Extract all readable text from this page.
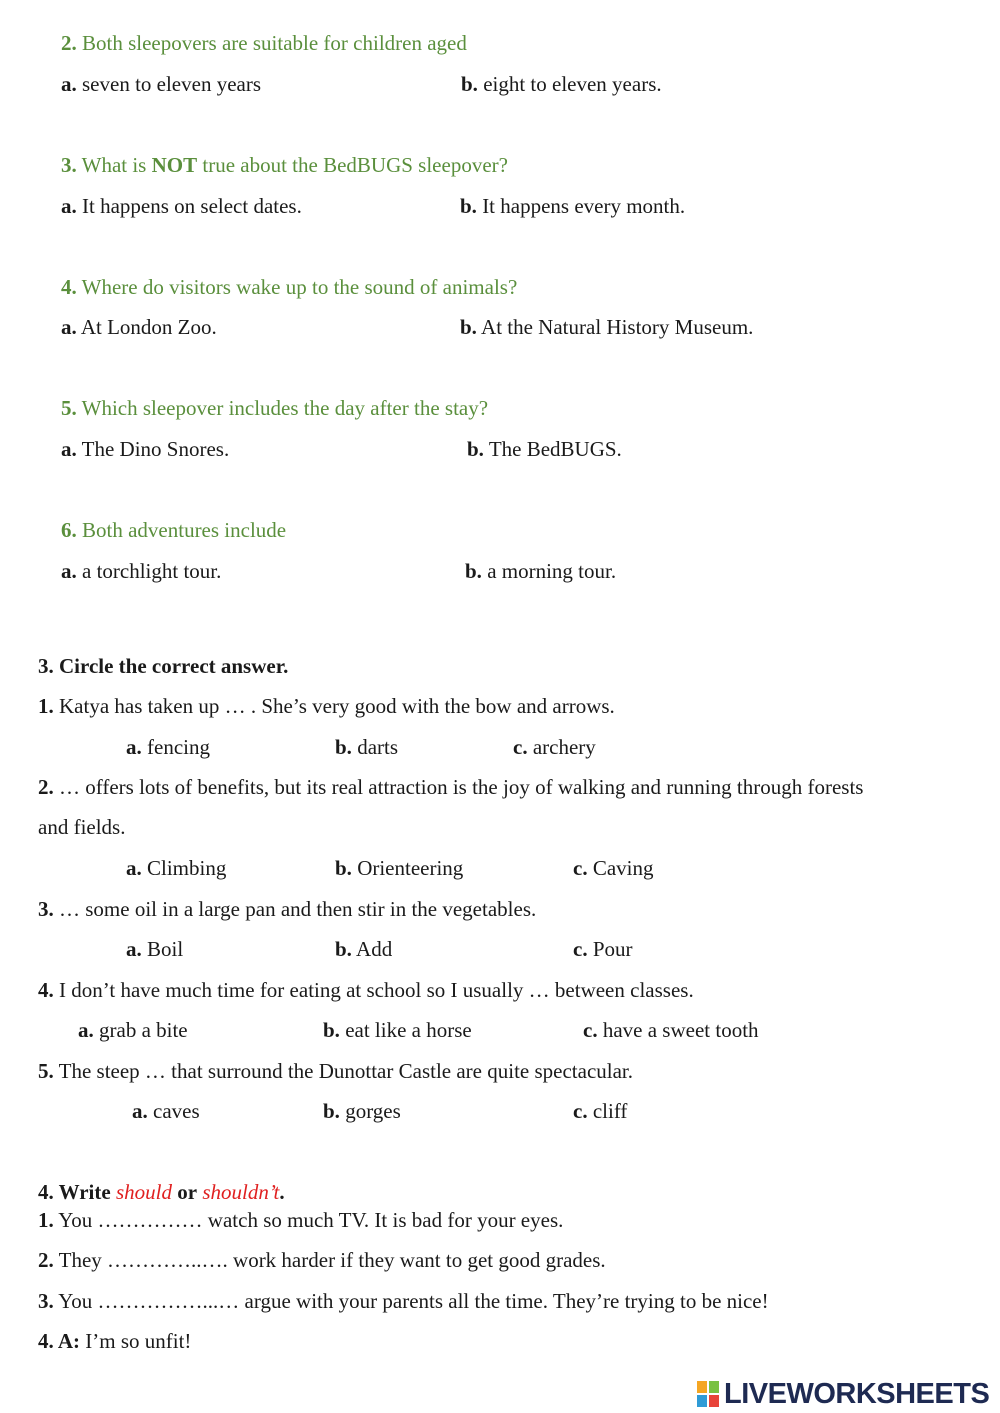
2. Both sleepovers are suitable for children aged
a. seven to eleven years	b. eight to eleven years.
3. What is NOT true about the BedBUGS sleepover?
a. It happens on select dates.	b. It happens every month.
4. Where do visitors wake up to the sound of animals?
a. At London Zoo.	b. At the Natural History Museum.
5. Which sleepover includes the day after the stay?
a. The Dino Snores.	b. The BedBUGS.
6. Both adventures include
a. a torchlight tour.	b. a morning tour.
3. Circle the correct answer.
1. Katya has taken up … . She’s very good with the bow and arrows.
a. fencing	b. darts	c. archery
2. … offers lots of benefits, but its real attraction is the joy of walking and running through forests
and fields.
a. Climbing	b. Orienteering	c. Caving
3. … some oil in a large pan and then stir in the vegetables.
a. Boil	b. Add	c. Pour
4. I don’t have much time for eating at school so I usually … between classes.
a. grab a bite	b. eat like a horse	c. have a sweet tooth
5. The steep … that surround the Dunottar Castle are quite spectacular.
a. caves	b. gorges	c. cliff
4. Write should or shouldn’t.
1. You …………… watch so much TV. It is bad for your eyes.
2. They …………..…. work harder if they want to get good grades.
3. You ……………...… argue with your parents all the time. They’re trying to be nice!
4. A: I’m so unfit!
LIVEWORKSHEETS
